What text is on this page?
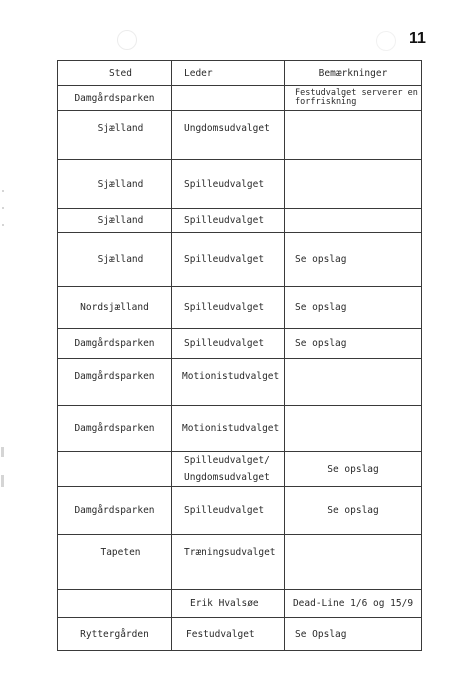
11
Sted	Leder	Bemærkninger
Damgårdsparken		Festudvalget serverer en forfriskning
Sjælland	Ungdomsudvalget	
Sjælland	Spilleudvalget	
Sjælland	Spilleudvalget	
Sjælland	Spilleudvalget	Se opslag
Nordsjælland	Spilleudvalget	Se opslag
Damgårdsparken	Spilleudvalget	Se opslag
Damgårdsparken	Motionistudvalget	
Damgårdsparken	Motionistudvalget	
	Spilleudvalget/ Ungdomsudvalget	Se opslag
Damgårdsparken	Spilleudvalget	Se opslag
Tapeten	Træningsudvalget	
	Erik Hvalsøe	Dead-Line 1/6 og 15/9
Ryttergården	Festudvalget	Se Opslag
